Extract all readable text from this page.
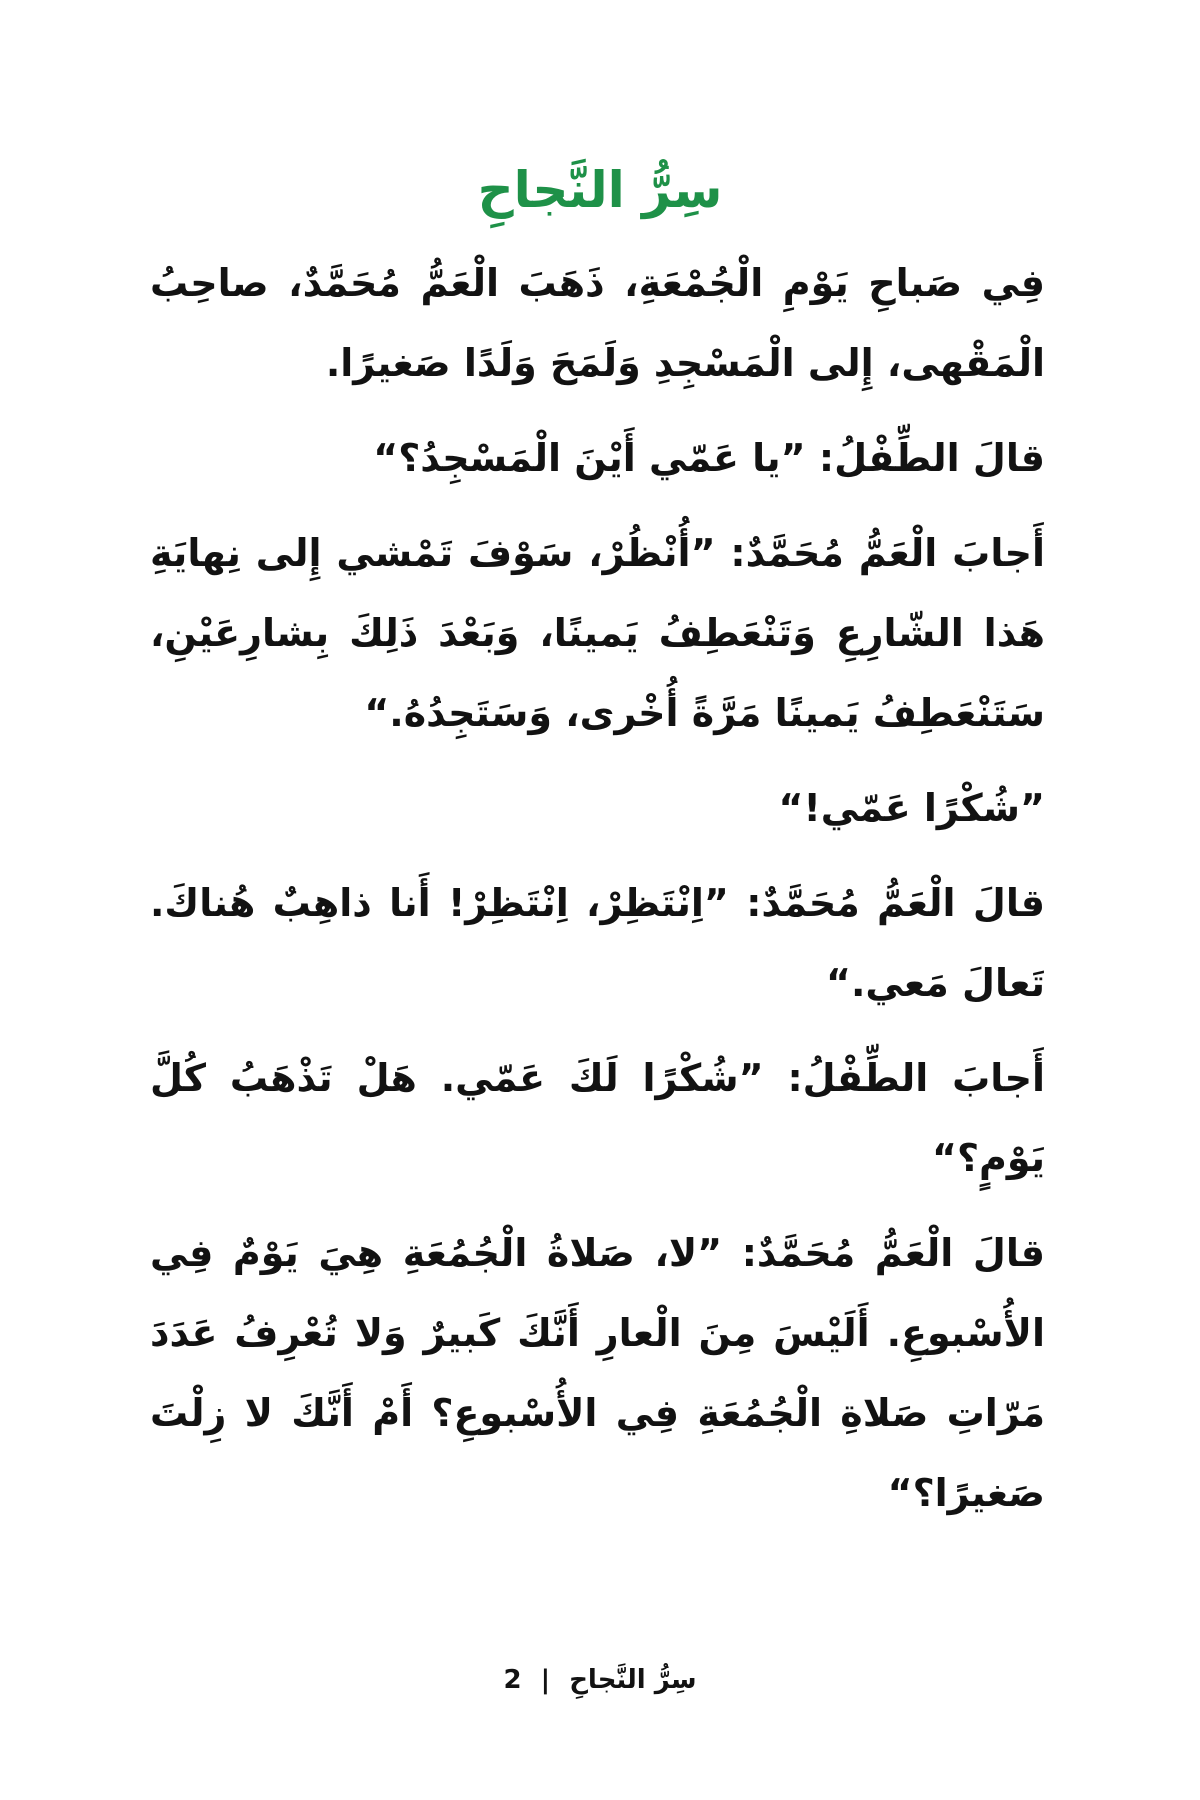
سِرُّ النَّجاحِ

فِي صَباحِ يَوْمِ الْجُمْعَةِ، ذَهَبَ الْعَمُّ مُحَمَّدٌ، صاحِبُ الْمَقْهى، إِلى الْمَسْجِدِ وَلَمَحَ وَلَدًا صَغيرًا.

قالَ الطِّفْلُ: ”يا عَمّي أَيْنَ الْمَسْجِدُ؟“

أَجابَ الْعَمُّ مُحَمَّدٌ: ”أُنْظُرْ، سَوْفَ تَمْشي إِلى نِهايَةِ هَذا الشّارِعِ وَتَنْعَطِفُ يَمينًا، وَبَعْدَ ذَلِكَ بِشارِعَيْنِ، سَتَنْعَطِفُ يَمينًا مَرَّةً أُخْرى، وَسَتَجِدُهُ.“

”شُكْرًا عَمّي!“

قالَ الْعَمُّ مُحَمَّدٌ: ”اِنْتَظِرْ، اِنْتَظِرْ! أَنا ذاهِبٌ هُناكَ. تَعالَ مَعي.“

أَجابَ الطِّفْلُ: ”شُكْرًا لَكَ عَمّي. هَلْ تَذْهَبُ كُلَّ يَوْمٍ؟“

قالَ الْعَمُّ مُحَمَّدٌ: ”لا، صَلاةُ الْجُمُعَةِ هِيَ يَوْمٌ فِي الأُسْبوعِ. أَلَيْسَ مِنَ الْعارِ أَنَّكَ كَبيرٌ وَلا تُعْرِفُ عَدَدَ مَرّاتِ صَلاةِ الْجُمُعَةِ فِي الأُسْبوعِ؟ أَمْ أَنَّكَ لا زِلْتَ صَغيرًا؟“

سِرُّ النَّجاحِ | 2
